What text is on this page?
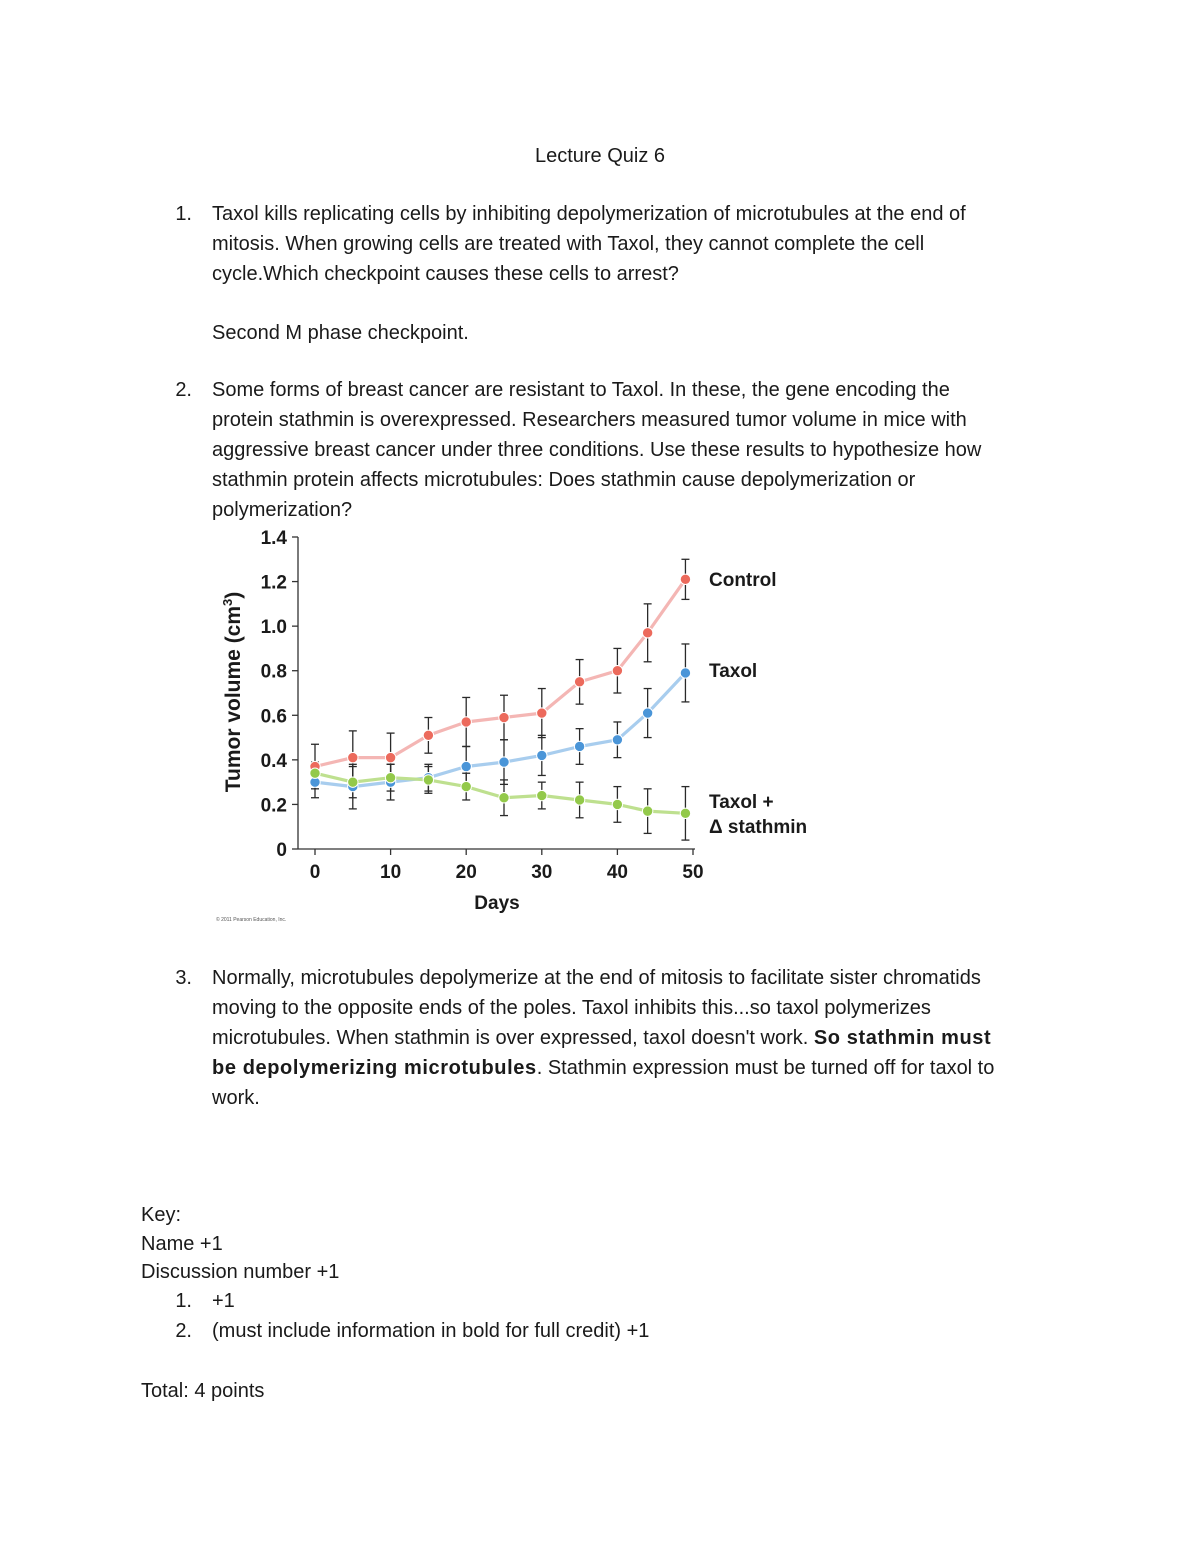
Lecture Quiz 6
1. Taxol kills replicating cells by inhibiting depolymerization of microtubules at the end of
mitosis. When growing cells are treated with Taxol, they cannot complete the cell
cycle.Which checkpoint causes these cells to arrest?
Second M phase checkpoint.
2. Some forms of breast cancer are resistant to Taxol. In these, the gene encoding the
protein stathmin is overexpressed. Researchers measured tumor volume in mice with
aggressive breast cancer under three conditions. Use these results to hypothesize how
stathmin protein affects microtubules: Does stathmin cause depolymerization or
polymerization?
0
0.2
0.4
0.6
0.8
1.0
1.2
1.4
0	10	20	30	40	50
Tumor volume $(cm^3)$
Days
© 2011 Pearson Education, Inc.
Control
Taxol
Taxol +
Δ stathmin
3. Normally, microtubules depolymerize at the end of mitosis to facilitate sister chromatids
moving to the opposite ends of the poles. Taxol inhibits this...so taxol polymerizes
microtubules. When stathmin is over expressed, taxol doesn't work. So stathmin must
be depolymerizing microtubules. Stathmin expression must be turned off for taxol to
work.
Key:
Name +1
Discussion number +1
1. +1
2. (must include information in bold for full credit) +1
Total: 4 points
